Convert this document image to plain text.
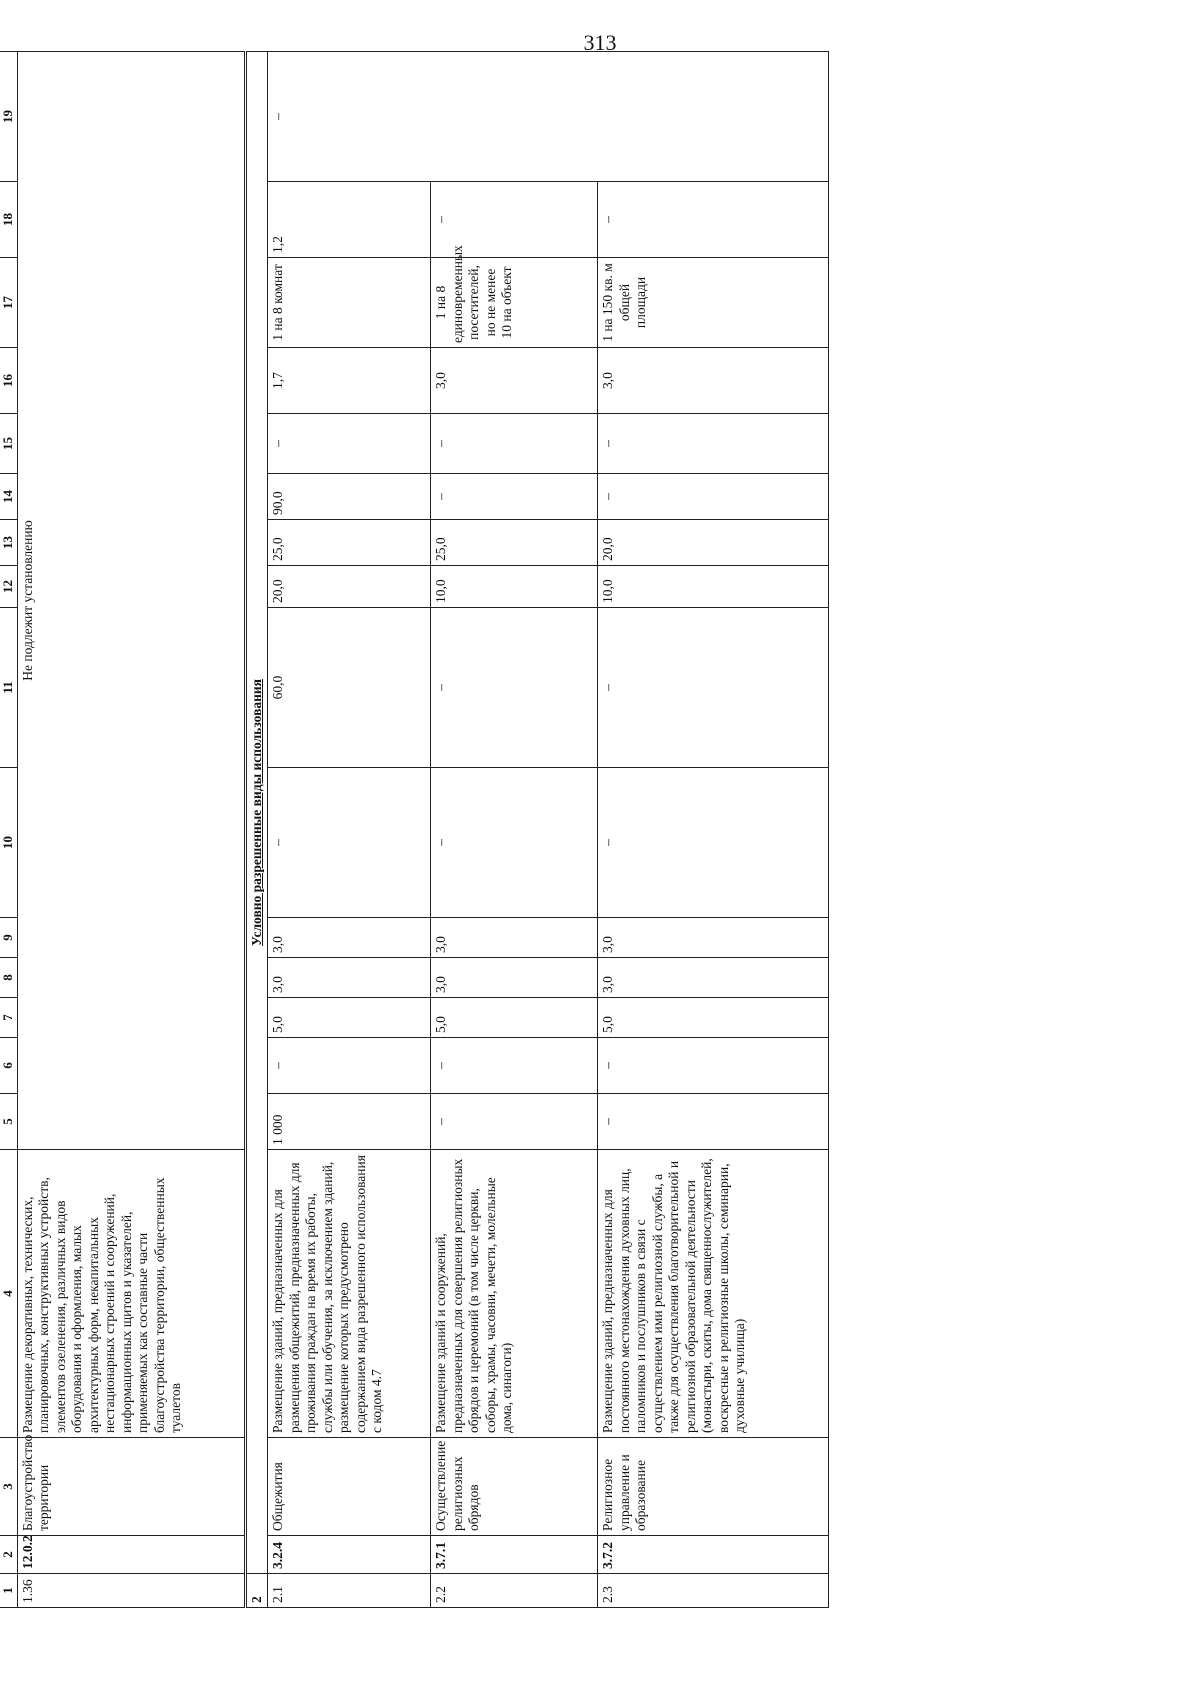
313
1	2	3	4	5	6	7	8	9	10	11	12	13	14	15	16	17	18	19
1.36	12.0.2	Благоустройство территории	Размещение декоративных, технических, планировочных, конструктивных устройств, элементов озеленения, различных видов оборудования и оформления, малых архитектурных форм, некапитальных нестационарных строений и сооружений, информационных щитов и указателей, применяемых как составные части благоустройства территории, общественных туалетов	Не подлежит установлению														
2	Условно разрешенные виды использования																	
2.1	3.2.4	Общежития	Размещение зданий, предназначенных для размещения общежитий, предназначенных для проживания граждан на время их работы, службы или обучения, за исключением зданий, размещение которых предусмотрено содержанием вида разрешенного использования с кодом 4.7	1 000	–	5,0	3,0	3,0	–	60,0	20,0	25,0	90,0	–	1,7	1 на 8 комнат	1,2	–
2.2	3.7.1	Осуществление религиозных обрядов	Размещение зданий и сооружений, предназначенных для совершения религиозных обрядов и церемоний (в том числе церкви, соборы, храмы, часовни, мечети, молельные дома, синагоги)	–	–	5,0	3,0	3,0	–	–	10,0	25,0	–	–	3,0	1 на 8 единовременных посетителей, но не менее 10 на объект	–	
2.3	3.7.2	Религиозное управление и образование	Размещение зданий, предназначенных для постоянного местонахождения духовных лиц, паломников и послушников в связи с осуществлением ими религиозной службы, а также для осуществления благотворительной и религиозной образовательной деятельности (монастыри, скиты, дома священнослужителей, воскресные и религиозные школы, семинарии, духовные училища)	–	–	5,0	3,0	3,0	–	–	10,0	20,0	–	–	3,0	1 на 150 кв. м общей площади	–	
